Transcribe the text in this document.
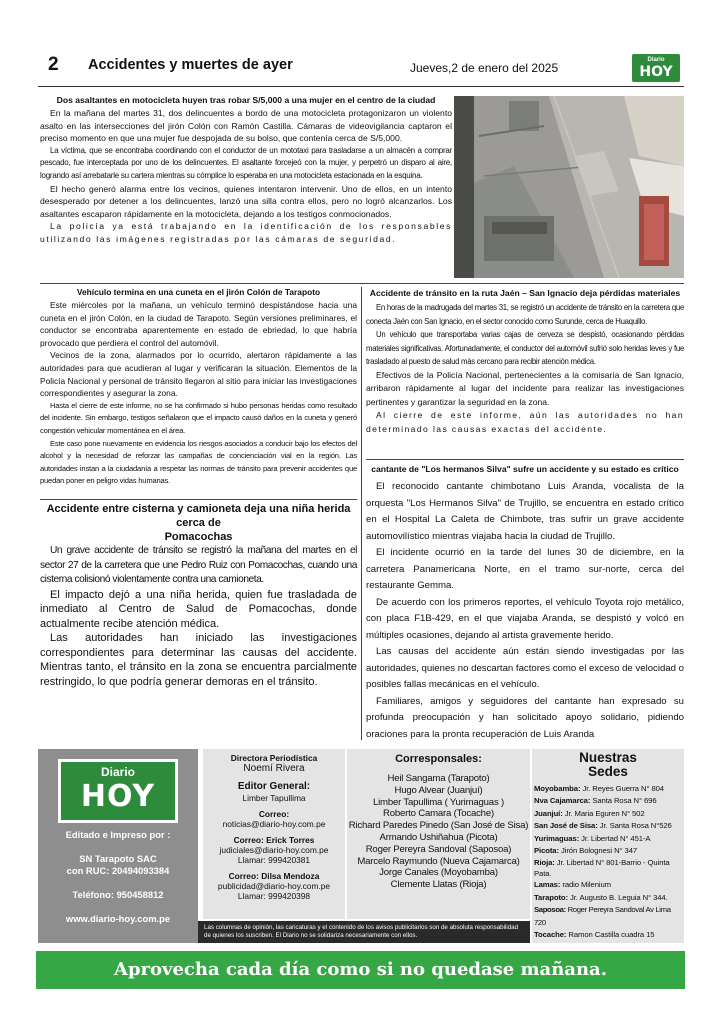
2 Accidentes y muertes de ayer	Jueves,2 de enero del 2025
Diario
HOY
Dos asaltantes en motocicleta huyen tras robar S/5,000 a una mujer en el centro de la ciudad

En la mañana del martes 31, dos delincuentes a bordo de una motocicleta protagonizaron un violento asalto en las intersecciones del jirón Colón con Ramón Castilla. Cámaras de videovigilancia captaron el preciso momento en que una mujer fue despojada de su bolso, que contenía cerca de S/5,000.

La víctima, que se encontraba coordinando con el conductor de un mototaxi para trasladarse a un almacén a comprar pescado, fue interceptada por uno de los delincuentes. El asaltante forcejeó con la mujer, y perpetró un disparo al aire, logrando así arrebatarle su cartera mientras su cómplice lo esperaba en una motocicleta estacionada en la esquina.

El hecho generó alarma entre los vecinos, quienes intentaron intervenir. Uno de ellos, en un intento desesperado por detener a los delincuentes, lanzó una silla contra ellos, pero no logró alcanzarlos. Los asaltantes escaparon rápidamente en la motocicleta, dejando a los testigos conmocionados.

La policía ya está trabajando en la identificación de los responsables utilizando las imágenes registradas por las cámaras de seguridad.

Vehículo termina en una cuneta en el jirón Colón de Tarapoto

Este miércoles por la mañana, un vehículo terminó despistándose hacia una cuneta en el jirón Colón, en la ciudad de Tarapoto. Según versiones preliminares, el conductor se encontraba aparentemente en estado de ebriedad, lo que habría provocado que perdiera el control del automóvil.

Vecinos de la zona, alarmados por lo ocurrido, alertaron rápidamente a las autoridades para que acudieran al lugar y verificaran la situación. Elementos de la Policía Nacional y personal de tránsito llegaron al sitio para iniciar las investigaciones correspondientes y asegurar la zona.

Hasta el cierre de este informe, no se ha confirmado si hubo personas heridas como resultado del incidente. Sin embargo, testigos señalaron que el impacto causó daños en la cuneta y generó congestión vehicular momentánea en el área.

Este caso pone nuevamente en evidencia los riesgos asociados a conducir bajo los efectos del alcohol y la necesidad de reforzar las campañas de concienciación vial en la región. Las autoridades instan a la ciudadanía a respetar las normas de tránsito para prevenir accidentes que puedan poner en peligro vidas humanas.

Accidente entre cisterna y camioneta deja una niña herida cerca de
Pomacochas

Un grave accidente de tránsito se registró la mañana del martes en el sector 27 de la carretera que une Pedro Ruiz con Pomacochas, cuando una cisterna colisionó violentamente contra una camioneta.

El impacto dejó a una niña herida, quien fue trasladada de inmediato al Centro de Salud de Pomacochas, donde actualmente recibe atención médica.

Las autoridades han iniciado las investigaciones correspondientes para determinar las causas del accidente. Mientras tanto, el tránsito en la zona se encuentra parcialmente restringido, lo que podría generar demoras en el tránsito.

Accidente de tránsito en la ruta Jaén – San Ignacio deja pérdidas materiales

En horas de la madrugada del martes 31, se registró un accidente de tránsito en la carretera que conecta Jaén con San Ignacio, en el sector conocido como Surunde, cerca de Huaquillo.

Un vehículo que transportaba varias cajas de cerveza se despistó, ocasionando pérdidas materiales significativas. Afortunadamente, el conductor del automóvil sufrió solo heridas leves y fue trasladado al puesto de salud más cercano para recibir atención médica.

Efectivos de la Policía Nacional, pertenecientes a la comisaría de San Ignacio, arribaron rápidamente al lugar del incidente para realizar las investigaciones pertinentes y garantizar la seguridad en la zona.

Al cierre de este informe, aún las autoridades no han determinado las causas exactas del accidente.

cantante de "Los hermanos Silva" sufre un accidente y su estado es crítico

El reconocido cantante chimbotano Luis Aranda, vocalista de la orquesta "Los Hermanos Silva" de Trujillo, se encuentra en estado crítico en el Hospital La Caleta de Chimbote, tras sufrir un grave accidente automovilístico mientras viajaba hacia la ciudad de Trujillo.

El incidente ocurrió en la tarde del lunes 30 de diciembre, en la carretera Panamericana Norte, en el tramo sur-norte, cerca del restaurante Gemma.

De acuerdo con los primeros reportes, el vehículo Toyota rojo metálico, con placa F1B-429, en el que viajaba Aranda, se despistó y volcó en múltiples ocasiones, dejando al artista gravemente herido.

Las causas del accidente aún están siendo investigadas por las autoridades, quienes no descartan factores como el exceso de velocidad o posibles fallas mecánicas en el vehículo.

Familiares, amigos y seguidores del cantante han expresado su profunda preocupación y han solicitado apoyo solidario, pidiendo oraciones para la pronta recuperación de Luis Aranda

Diario
HOY
Editado e Impreso por :
SN Tarapoto SAC
con RUC: 20494093384
Teléfono: 950458812
www.diario-hoy.com.pe
Directora Periodística
Noemí Rivera
Editor General:
Limber Tapullima
Correo:
noticias@diario-hoy.com.pe
Correo: Erick Torres
judiciales@diario-hoy.com.pe
Llamar: 999420381
Correo: Dilsa Mendoza
publicidad@diario-hoy.com.pe
Llamar: 999420398
Corresponsales:
Heil Sangama (Tarapoto)
Hugo Alvear (Juanjuí)
Limber Tapullima ( Yurimaguas )
Roberto Camara (Tocache)
Richard Paredes Pinedo (San José de Sisa)
Armando Ushiñahua (Picota)
Roger Pereyra Sandoval (Saposoa)
Marcelo Raymundo (Nueva Cajamarca)
Jorge Canales (Moyobamba)
Clemente Llatas (Rioja)
Las columnas de opinión, las caricaturas y el contenido de los avisos publicitarios son de absoluta responsabilidad de quienes los suscriben. El Diario no se solidariza necesariamente con ellos.
Nuestras
Sedes
Moyobamba: Jr. Reyes Guerra N° 804
Nva Cajamarca: Santa Rosa N° 696
Juanjuí: Jr. Maria Eguren N° 502
San José de Sisa: Jr. Santa Rosa N°526
Yurimaguas: Jr. Libertad N° 451-A
Picota: Jirón Bolognesi N° 347
Rioja: Jr. Libertad N° 801-Barrio - Quinta Pata.
Lamas: radio Milenium
Tarapoto: Jr. Augusto B. Leguia N° 344.
Saposoa: Roger Pereyra Sandoval Av Lima 720
Tocache: Ramon Castilla cuadra 15
Aprovecha cada día como si no quedase mañana.
